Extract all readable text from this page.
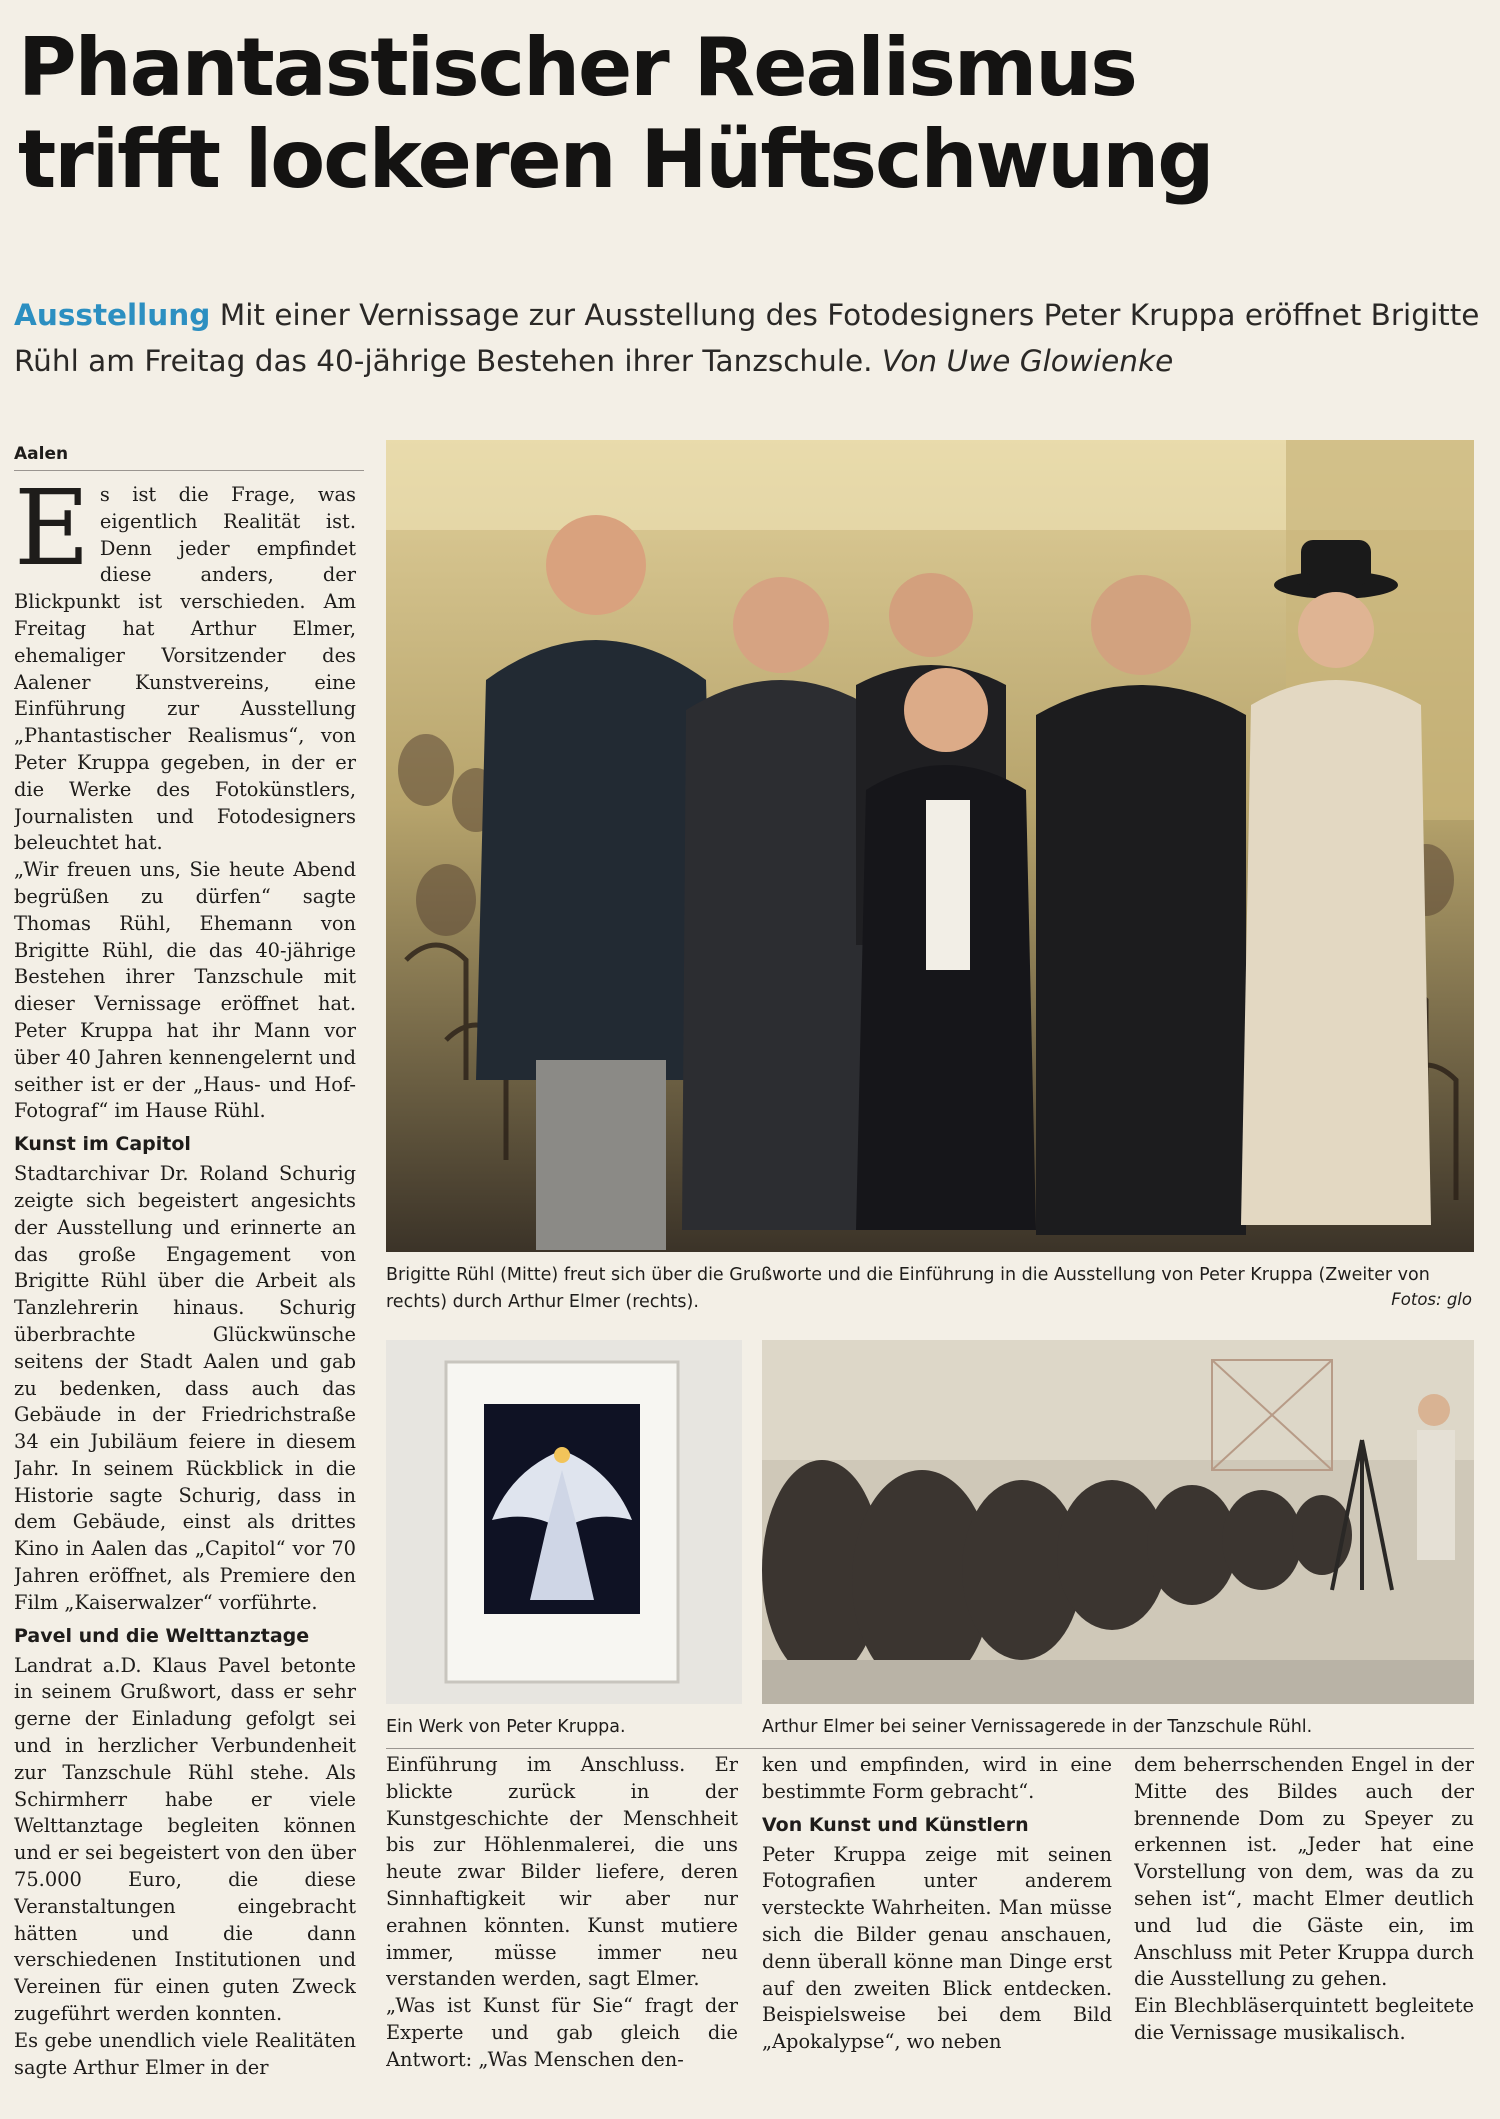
Phantastischer Realismus
trifft lockeren Hüftschwung
Ausstellung Mit einer Vernissage zur Ausstellung des Fotodesigners Peter Kruppa eröffnet Brigitte Rühl am Freitag das 40-jährige Bestehen ihrer Tanzschule. Von Uwe Glowienke
Aalen

Es ist die Frage, was eigentlich Realität ist. Denn jeder empfindet diese anders, der Blickpunkt ist verschieden. Am Freitag hat Arthur Elmer, ehemaliger Vorsitzender des Aalener Kunstvereins, eine Einführung zur Ausstellung „Phantastischer Realismus“, von Peter Kruppa gegeben, in der er die Werke des Fotokünstlers, Journalisten und Fotodesigners beleuchtet hat.

„Wir freuen uns, Sie heute Abend begrüßen zu dürfen“ sagte Thomas Rühl, Ehemann von Brigitte Rühl, die das 40-jährige Bestehen ihrer Tanzschule mit dieser Vernissage eröffnet hat. Peter Kruppa hat ihr Mann vor über 40 Jahren kennengelernt und seither ist er der „Haus- und Hof-Fotograf“ im Hause Rühl.

Kunst im Capitol

Stadtarchivar Dr. Roland Schurig zeigte sich begeistert angesichts der Ausstellung und erinnerte an das große Engagement von Brigitte Rühl über die Arbeit als Tanzlehrerin hinaus. Schurig überbrachte Glückwünsche seitens der Stadt Aalen und gab zu bedenken, dass auch das Gebäude in der Friedrichstraße 34 ein Jubiläum feiere in diesem Jahr. In seinem Rückblick in die Historie sagte Schurig, dass in dem Gebäude, einst als drittes Kino in Aalen das „Capitol“ vor 70 Jahren eröffnet, als Premiere den Film „Kaiserwalzer“ vorführte.

Pavel und die Welttanztage

Landrat a.D. Klaus Pavel betonte in seinem Grußwort, dass er sehr gerne der Einladung gefolgt sei und in herzlicher Verbundenheit zur Tanzschule Rühl stehe. Als Schirmherr habe er viele Welttanztage begleiten können und er sei begeistert von den über 75.000 Euro, die diese Veranstaltungen eingebracht hätten und die dann verschiedenen Institutionen und Vereinen für einen guten Zweck zugeführt werden konnten.

Es gebe unendlich viele Realitäten sagte Arthur Elmer in der

Brigitte Rühl (Mitte) freut sich über die Grußworte und die Einführung in die Ausstellung von Peter Kruppa (Zweiter von rechts) durch Arthur Elmer (rechts).	Fotos: glo
Ein Werk von Peter Kruppa.	Arthur Elmer bei seiner Vernissagerede in der Tanzschule Rühl.

Einführung im Anschluss. Er blickte zurück in der Kunstgeschichte der Menschheit bis zur Höhlenmalerei, die uns heute zwar Bilder liefere, deren Sinnhaftigkeit wir aber nur erahnen könnten. Kunst mutiere immer, müsse immer neu verstanden werden, sagt Elmer.

„Was ist Kunst für Sie“ fragt der Experte und gab gleich die Antwort: „Was Menschen den-

ken und empfinden, wird in eine bestimmte Form gebracht“.

Von Kunst und Künstlern

Peter Kruppa zeige mit seinen Fotografien unter anderem versteckte Wahrheiten. Man müsse sich die Bilder genau anschauen, denn überall könne man Dinge erst auf den zweiten Blick entdecken. Beispielsweise bei dem Bild „Apokalypse“, wo neben

dem beherrschenden Engel in der Mitte des Bildes auch der brennende Dom zu Speyer zu erkennen ist. „Jeder hat eine Vorstellung von dem, was da zu sehen ist“, macht Elmer deutlich und lud die Gäste ein, im Anschluss mit Peter Kruppa durch die Ausstellung zu gehen.

Ein Blechbläserquintett begleitete die Vernissage musikalisch.
